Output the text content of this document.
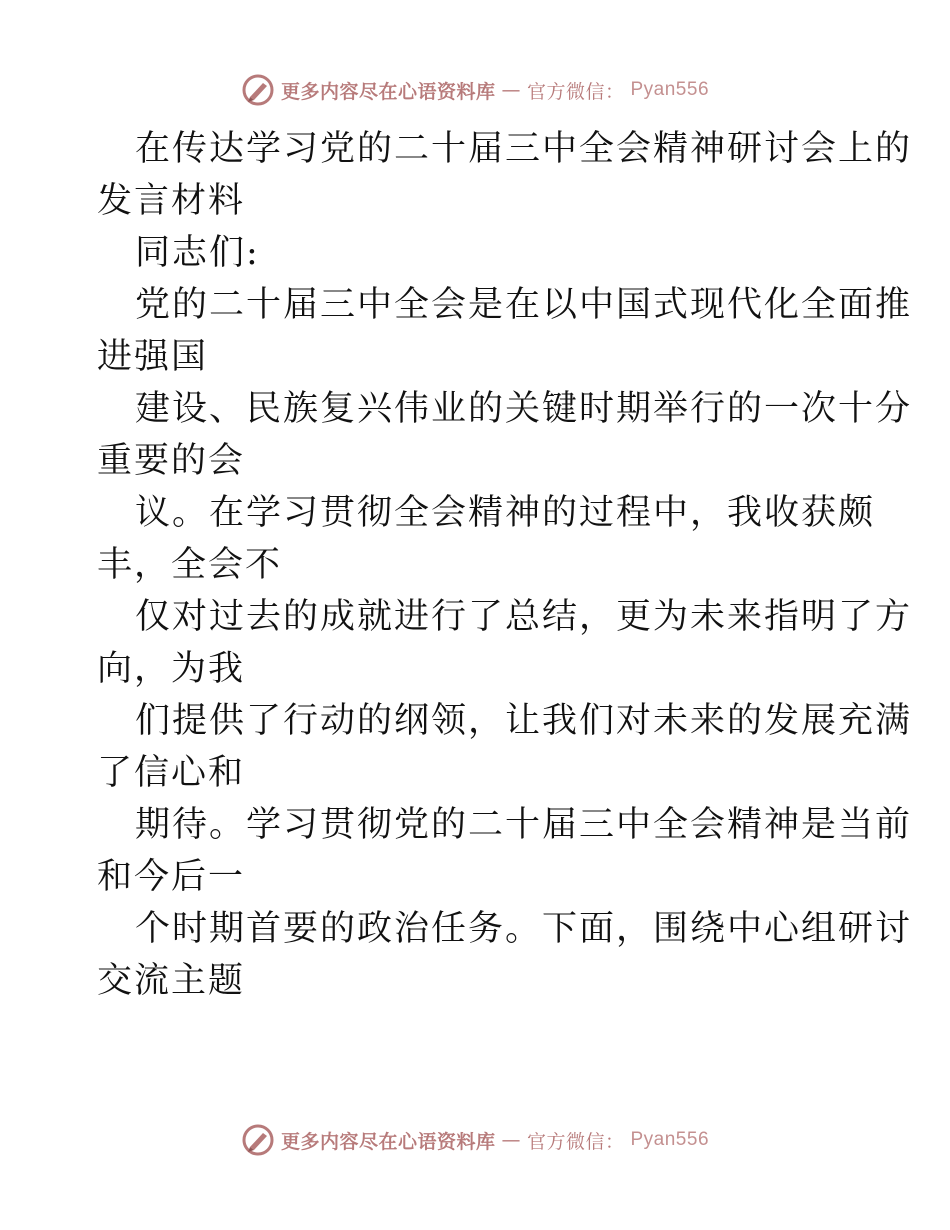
更多内容尽在心语资料库 — 官方微信： Pyan556
在传达学习党的二十届三中全会精神研讨会上的
发言材料
同志们:
党的二十届三中全会是在以中国式现代化全面推
进强国
建设、民族复兴伟业的关键时期举行的一次十分
重要的会
议。在学习贯彻全会精神的过程中，我收获颇
丰，全会不
仅对过去的成就进行了总结，更为未来指明了方
向，为我
们提供了行动的纲领，让我们对未来的发展充满
了信心和
期待。学习贯彻党的二十届三中全会精神是当前
和今后一
个时期首要的政治任务。下面，围绕中心组研讨
交流主题
更多内容尽在心语资料库 — 官方微信： Pyan556
